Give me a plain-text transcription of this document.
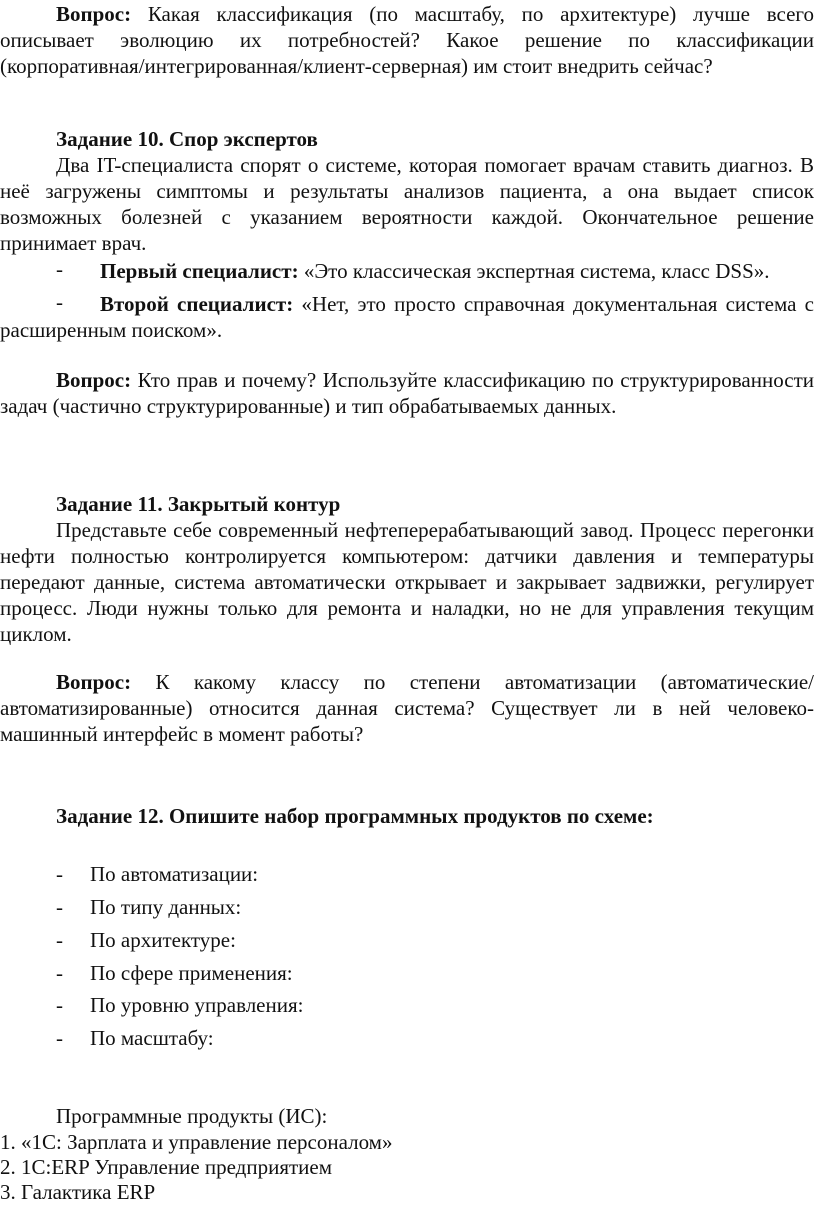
Вопрос: Какая классификация (по масштабу, по архитектуре) лучше всего описывает эволюцию их потребностей? Какое решение по классификации (корпоративная/интегрированная/клиент-серверная) им стоит внедрить сейчас?

Задание 10. Спор экспертов

Два IT-специалиста спорят о системе, которая помогает врачам ставить диагноз. В неё загружены симптомы и результаты анализов пациента, а она выдает список возможных болезней с указанием вероятности каждой. Окончательное решение принимает врач.

-	Первый специалист: «Это классическая экспертная система, класс DSS».

-	Второй специалист: «Нет, это просто справочная документальная система с расширенным поиском».

Вопрос: Кто прав и почему? Используйте классификацию по структурированности задач (частично структурированные) и тип обрабатываемых данных.

Задание 11. Закрытый контур

Представьте себе современный нефтеперерабатывающий завод. Процесс перегонки нефти полностью контролируется компьютером: датчики давления и температуры передают данные, система автоматически открывает и закрывает задвижки, регулирует процесс. Люди нужны только для ремонта и наладки, но не для управления текущим циклом.

Вопрос: К какому классу по степени автоматизации (автоматические/автоматизированные) относится данная система? Существует ли в ней человеко-машинный интерфейс в момент работы?

Задание 12. Опишите набор программных продуктов по схеме:

- По автоматизации:
- По типу данных:
- По архитектуре:
- По сфере применения:
- По уровню управления:
- По масштабу:
Программные продукты (ИС):
1. «1С: Зарплата и управление персоналом»
2. 1С:ERP Управление предприятием
3. Галактика ERP
